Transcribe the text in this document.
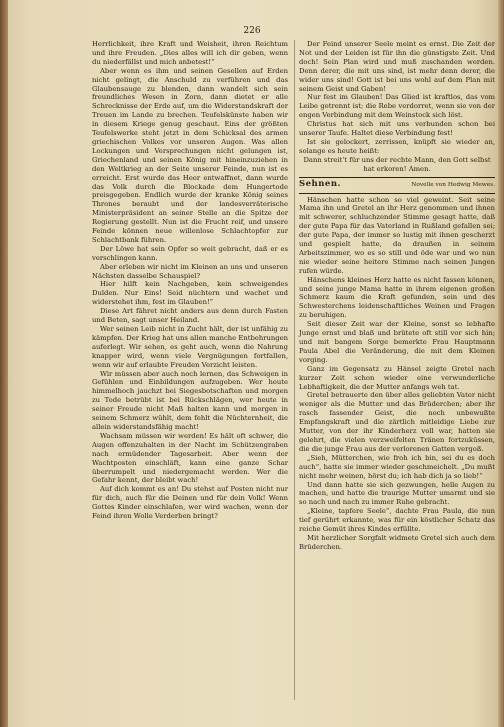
226

Herrlichkeit, ihre Kraft und Weisheit, ihren Reichtum und ihre Freuden. „Dies alles will ich dir geben, wenn du niederfällst und mich anbetest!“

Aber wenn es ihm und seinen Gesellen auf Erden nicht gelingt, die Anschuld zu verführen und das Glaubensauge zu blenden, dann wandelt sich sein freundliches Wesen in Zorn, dann dietet er alle Schrecknisse der Erde auf, um die Widerstandskraft der Treuen im Lande zu brechen. Teufelskünste haben wir in diesem Kriege genug geschaut. Eins der größten Teufelswerke steht jetzt in dem Schicksal des armen griechischen Volkes vor unseren Augen. Was allen Lockungen und Versprechungen nicht gelungen ist, Griechenland und seinen König mit hineinzuziehen in den Weltkrieg an der Seite unserer Feinde, nun ist es erreicht. Erst wurde das Heer entwaffnet, dann wurde das Volk durch die Blockade dem Hungertode preisgegeben. Endlich wurde der kranke König seines Thrones beraubt und der landesverräterische Ministerpräsident an seiner Stelle an die Spitze der Regierung gestellt. Nun ist die Frucht reif, und unsere Feinde können neue willenlose Schlachtopfer zur Schlachtbank führen.

Der Löwe hat sein Opfer so weit gebracht, daß er es verschlingen kann.

Aber erleben wir nicht im Kleinen an uns und unseren Nächsten dasselbe Schauspiel?

Hier hilft kein Nachgeben, kein schweigendes Dulden. Nur Eins! Seid nüchtern und wachet und widerstehet ihm, fest im Glauben!“

Diese Art fähret nicht anders aus denn durch Fasten und Beten, sagt unser Heiland.

Wer seinen Leib nicht in Zucht hält, der ist unfähig zu kämpfen. Der Krieg hat uns allen manche Entbehrungen auferlegt. Wir sehen, es geht auch, wenn die Nahrung knapper wird, wenn viele Vergnügungen fortfallen, wenn wir auf erlaubte Freuden Verzicht leisten.

Wir müssen aber auch noch lernen, das Schweigen in Gefühlen und Einbildungen aufzugeben. Wer heute himmelhoch jauchzt bei Siegesbotschaften und morgen zu Tode betrübt ist bei Rückschlägen, wer heute in seiner Freude nicht Maß halten kann und morgen in seinem Schmerz wühlt, dem fehlt die Nüchternheit, die allein widerstandsfähig macht!

Wachsam müssen wir werden! Es hält oft schwer, die Augen offenzuhalten in der Nacht im Schützengraben nach ermüdender Tagesarbeit. Aber wenn der Wachtposten einschläft, kann eine ganze Schar überrumpelt und niedergemacht werden. Wer die Gefahr kennt, der bleibt wach!

Auf dich kommt es an! Du stehst auf Posten nicht nur für dich, auch für die Deinen und für dein Volk! Wenn Gottes Kinder einschlafen, wer wird wachen, wenn der Feind ihren Wolle Verderben bringt?

Der Feind unserer Seele meint es ernst. Die Zeit der Not und der Leiden ist für ihn die günstigste Zeit. Und doch! Sein Plan wird und muß zuschanden werden. Denn derer, die mit uns sind, ist mehr denn derer, die wider uns sind! Gott ist bei uns wohl auf dem Plan mit seinem Geist und Gaben!

Nur fest im Glauben! Das Glied ist kraftlos, das vom Leibe getrennt ist; die Rebe verdorret, wenn sie von der engen Verbindung mit dem Weinstock sich löst.

Christus hat sich mit uns verbunden schon bei unserer Taufe. Haltet diese Verbindung fest!

Ist sie gelockert, zerrissen, knüpft sie wieder an, solange es heute heißt:

Dann streit’t für uns der rechte Mann, den Gott selbst hat erkoren! Amen.

Sehnen.	Novelle von Hedwig Mewes.

Hänschen hatte schon so viel geweint. Seit seine Mama ihn und Gretel an ihr Herz genommen und ihnen mit schwerer, schluchzender Stimme gesagt hatte, daß der gute Papa für das Vaterland in Rußland gefallen sei; der gute Papa, der immer so lustig mit ihnen gescherzt und gespielt hatte, da draußen in seinem Arbeitszimmer, wo es so still und öde war und wo nun nie wieder seine heitere Stimme nach seinen Jungen rufen würde.

Hänschens kleines Herz hatte es nicht fassen können, und seine junge Mama hatte in ihrem eigenen großen Schmerz kaum die Kraft gefunden, sein und des Schwesterchens leidenschaftliches Weinen und Fragen zu beruhigen.

Seit dieser Zeit war der Kleine, sonst so lebhafte Junge ernst und blaß und brütete oft still vor sich hin; und mit bangem Sorge bemerkte Frau Hauptmann Paula Abel die Veränderung, die mit dem Kleinen vorging.

Ganz im Gegensatz zu Hänsel zeigte Gretel nach kurzer Zeit schon wieder eine verwunderliche Lebhaftigkeit, die der Mutter anfangs weh tat.

Gretel betrauerte den über alles geliebten Vater nicht weniger als die Mutter und das Brüderchen; aber ihr rasch fassender Geist, die noch unbewußte Empfangskraft und die zärtlich mitleidige Liebe zur Mutter, von der ihr Kinderherz voll war, hatten sie gelehrt, die vielen verzweifelten Tränen fortzuküssen, die die junge Frau aus der verlorenen Gatten vergoß.

„Sieh, Mütterchen, wie froh ich bin, sei du es doch auch“, hatte sie immer wieder geschmeichelt. „Du mußt nicht mehr weinen, hörst du; ich hab dich ja so lieb!“

Und dann hatte sie sich gezwungen, helle Augen zu machen, und hatte die traurige Mutter umarmt und sie so nach und nach zu immer Ruhe gebracht.

„Kleine, tapfere Seele“, dachte Frau Paula, die nun tief gerührt erkannte, was für ein köstlicher Schatz das reiche Gemüt ihres Kindes erfüllte.

Mit herzlicher Sorgfalt widmete Gretel sich auch dem Brüderchen.
